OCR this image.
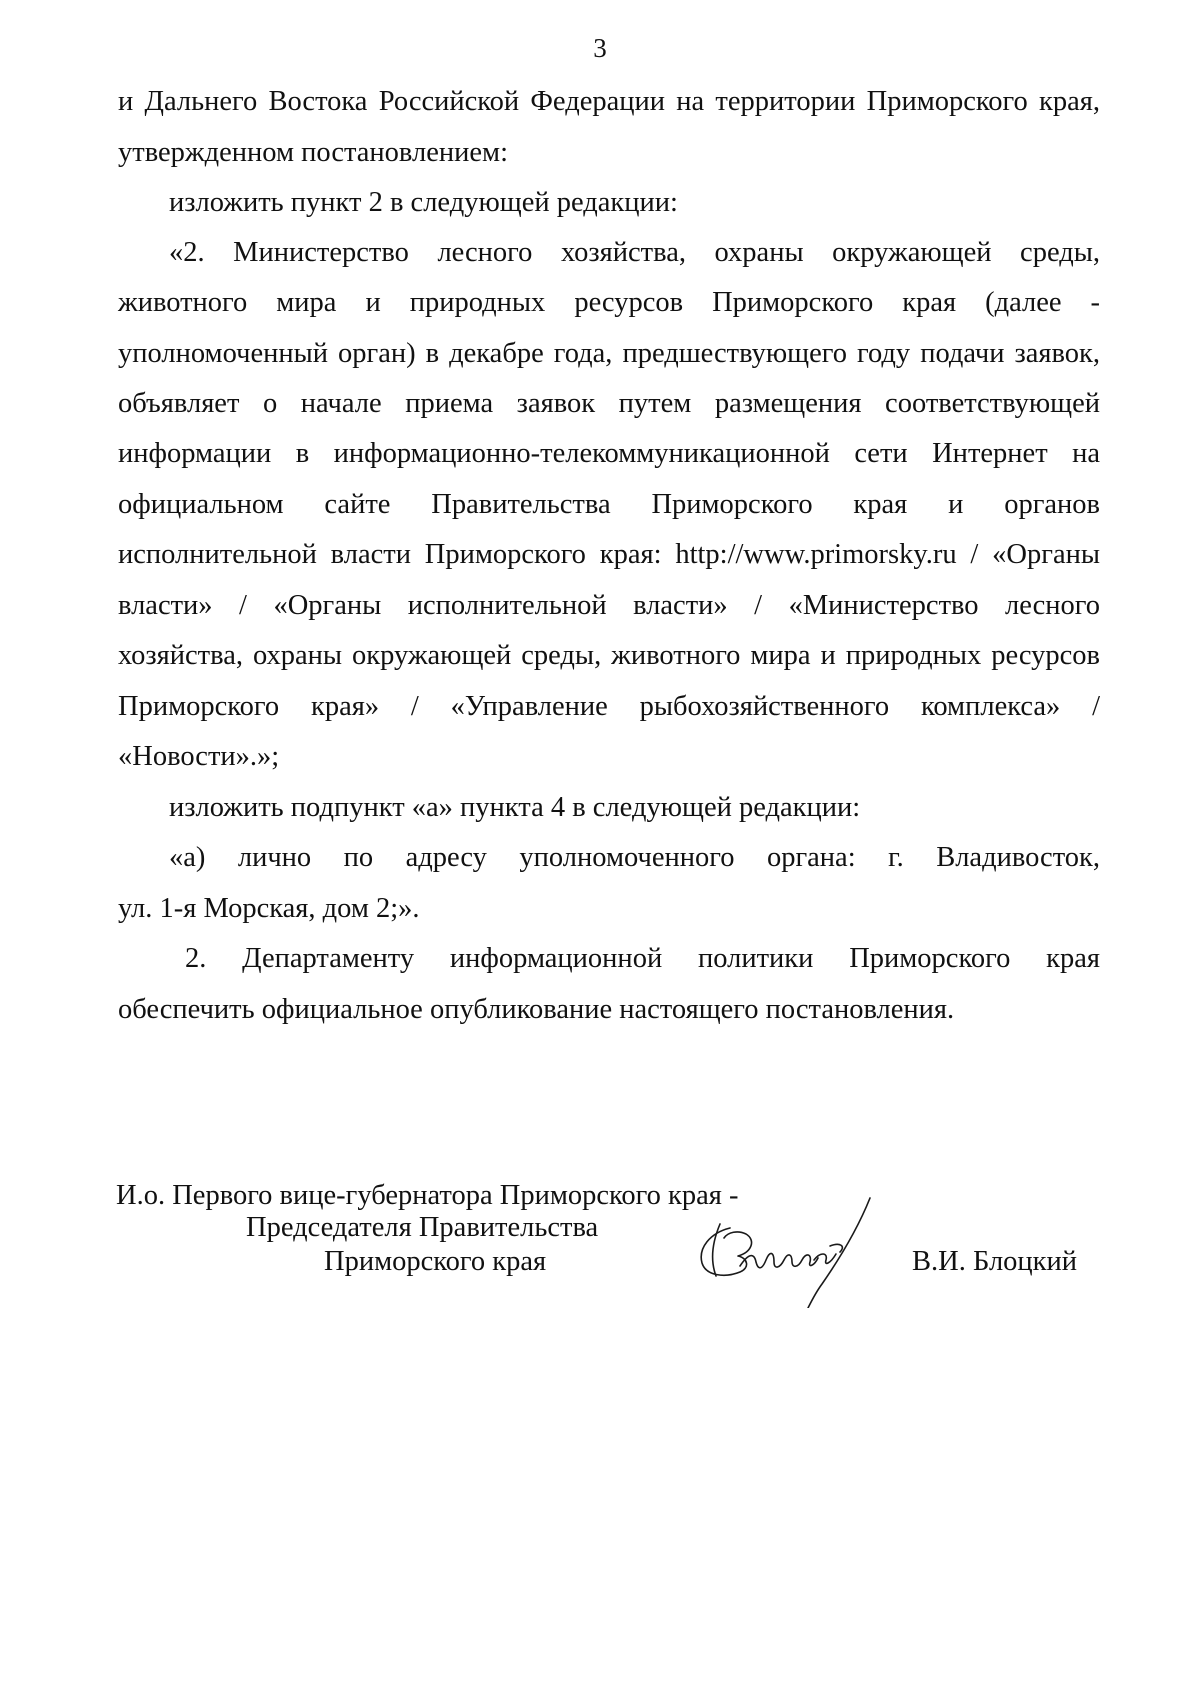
3
и Дальнего Востока Российской Федерации на территории Приморского края,
утвержденном постановлением:
изложить пункт 2 в следующей редакции:
«2. Министерство лесного хозяйства, охраны окружающей среды,
животного мира и природных ресурсов Приморского края (далее -
уполномоченный орган) в декабре года, предшествующего году подачи заявок,
объявляет о начале приема заявок путем размещения соответствующей
информации в информационно-телекоммуникационной сети Интернет на
официальном сайте Правительства Приморского края и органов
исполнительной власти Приморского края: http://www.primorsky.ru / «Органы
власти» / «Органы исполнительной власти» / «Министерство лесного
хозяйства, охраны окружающей среды, животного мира и природных ресурсов
Приморского края» / «Управление рыбохозяйственного комплекса» /
«Новости».»;
изложить подпункт «а» пункта 4 в следующей редакции:
«а) лично по адресу уполномоченного органа: г. Владивосток,
ул. 1-я Морская, дом 2;».
2. Департаменту информационной политики Приморского края
обеспечить официальное опубликование настоящего постановления.
И.о. Первого вице-губернатора Приморского края -
Председателя Правительства
Приморского края	В.И. Блоцкий
